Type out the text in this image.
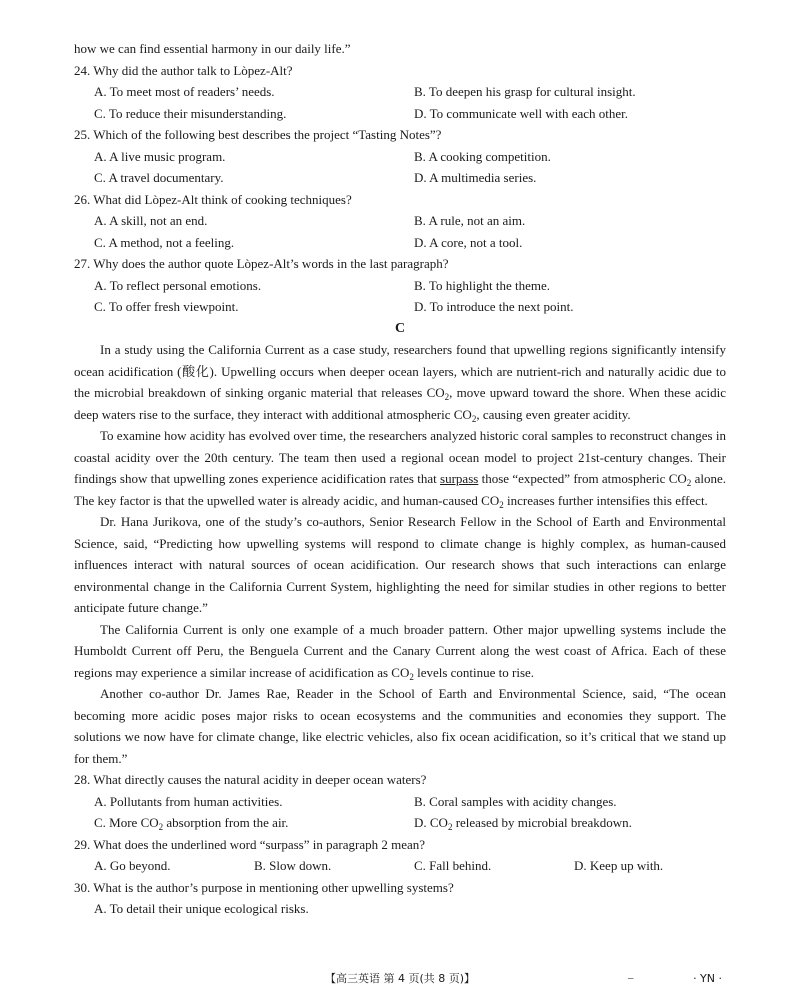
how we can find essential harmony in our daily life.”
24. Why did the author talk to Lòpez-Alt?
A. To meet most of readers’ needs.	B. To deepen his grasp for cultural insight.
C. To reduce their misunderstanding.	D. To communicate well with each other.
25. Which of the following best describes the project “Tasting Notes”?
A. A live music program.	B. A cooking competition.
C. A travel documentary.	D. A multimedia series.
26. What did Lòpez-Alt think of cooking techniques?
A. A skill, not an end.	B. A rule, not an aim.
C. A method, not a feeling.	D. A core, not a tool.
27. Why does the author quote Lòpez-Alt’s words in the last paragraph?
A. To reflect personal emotions.	B. To highlight the theme.
C. To offer fresh viewpoint.	D. To introduce the next point.
C
In a study using the California Current as a case study, researchers found that upwelling regions significantly intensify ocean acidification (酸化). Upwelling occurs when deeper ocean layers, which are nutrient-rich and naturally acidic due to the microbial breakdown of sinking organic material that releases $CO_2$, move upward toward the shore. When these acidic deep waters rise to the surface, they interact with additional atmospheric $CO_2$, causing even greater acidity.
To examine how acidity has evolved over time, the researchers analyzed historic coral samples to reconstruct changes in coastal acidity over the 20th century. The team then used a regional ocean model to project 21st-century changes. Their findings show that upwelling zones experience acidification rates that surpass those “expected” from atmospheric $CO_2$ alone. The key factor is that the upwelled water is already acidic, and human-caused $CO_2$ increases further intensifies this effect.
Dr. Hana Jurikova, one of the study’s co-authors, Senior Research Fellow in the School of Earth and Environmental Science, said, “Predicting how upwelling systems will respond to climate change is highly complex, as human-caused influences interact with natural sources of ocean acidification. Our research shows that such interactions can enlarge environmental change in the California Current System, highlighting the need for similar studies in other regions to better anticipate future change.”
The California Current is only one example of a much broader pattern. Other major upwelling systems include the Humboldt Current off Peru, the Benguela Current and the Canary Current along the west coast of Africa. Each of these regions may experience a similar increase of acidification as $CO_2$ levels continue to rise.
Another co-author Dr. James Rae, Reader in the School of Earth and Environmental Science, said, “The ocean becoming more acidic poses major risks to ocean ecosystems and the communities and economies they support. The solutions we now have for climate change, like electric vehicles, also fix ocean acidification, so it’s critical that we stand up for them.”
28. What directly causes the natural acidity in deeper ocean waters?
A. Pollutants from human activities.	B. Coral samples with acidity changes.
C. More $CO_2$ absorption from the air.	D. $CO_2$ released by microbial breakdown.
29. What does the underlined word “surpass” in paragraph 2 mean?
A. Go beyond.	B. Slow down.	C. Fall behind.	D. Keep up with.
30. What is the author’s purpose in mentioning other upwelling systems?
A. To detail their unique ecological risks.
【高三英语 第 4 页(共 8 页)】	–	· YN ·
